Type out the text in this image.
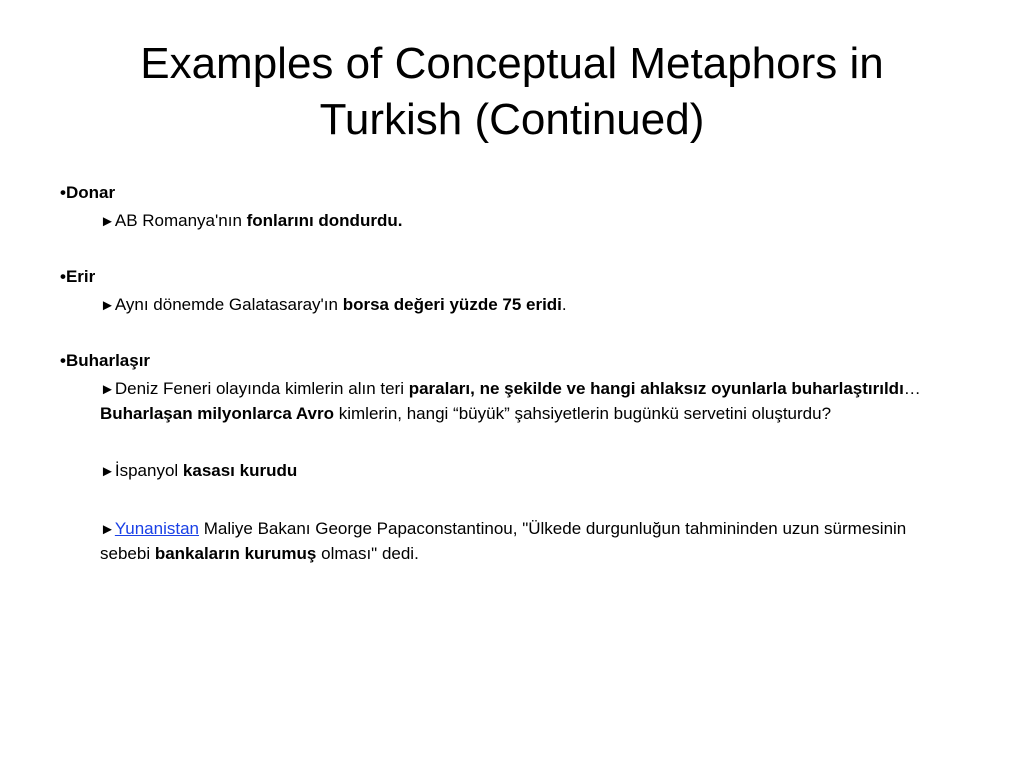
Examples of Conceptual Metaphors in
Turkish (Continued)

•Donar

►AB Romanya'nın fonlarını dondurdu.

•Erir

►Aynı dönemde Galatasaray'ın borsa değeri yüzde 75 eridi.

•Buharlaşır

►Deniz Feneri olayında kimlerin alın teri paraları, ne şekilde ve hangi ahlaksız oyunlarla buharlaştırıldı… Buharlaşan milyonlarca Avro kimlerin, hangi “büyük” şahsiyetlerin bugünkü servetini oluşturdu?

►İspanyol kasası kurudu

►Yunanistan Maliye Bakanı George Papaconstantinou, "Ülkede durgunluğun tahmininden uzun sürmesinin sebebi bankaların kurumuş olması" dedi.
